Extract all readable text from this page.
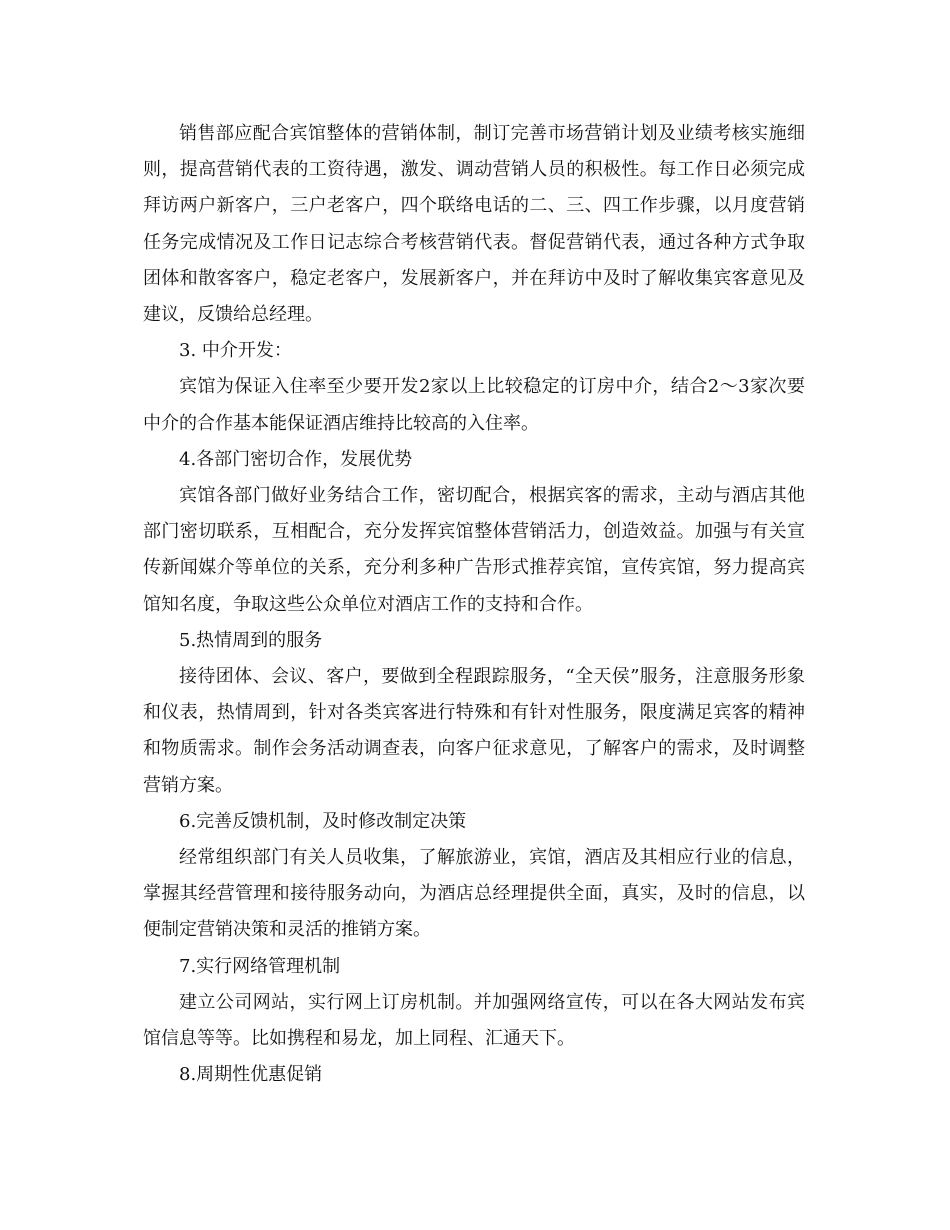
销售部应配合宾馆整体的营销体制，制订完善市场营销计划及业绩考核实施细则，提高营销代表的工资待遇，激发、调动营销人员的积极性。每工作日必须完成拜访两户新客户，三户老客户，四个联络电话的二、三、四工作步骤，以月度营销任务完成情况及工作日记志综合考核营销代表。督促营销代表，通过各种方式争取团体和散客客户，稳定老客户，发展新客户，并在拜访中及时了解收集宾客意见及建议，反馈给总经理。

3. 中介开发：

宾馆为保证入住率至少要开发2家以上比较稳定的订房中介，结合2～3家次要中介的合作基本能保证酒店维持比较高的入住率。

4.各部门密切合作，发展优势

宾馆各部门做好业务结合工作，密切配合，根据宾客的需求，主动与酒店其他部门密切联系，互相配合，充分发挥宾馆整体营销活力，创造效益。加强与有关宣传新闻媒介等单位的关系，充分利多种广告形式推荐宾馆，宣传宾馆，努力提高宾馆知名度，争取这些公众单位对酒店工作的支持和合作。

5.热情周到的服务

接待团体、会议、客户，要做到全程跟踪服务，“全天侯”服务，注意服务形象和仪表，热情周到，针对各类宾客进行特殊和有针对性服务，限度满足宾客的精神和物质需求。制作会务活动调查表，向客户征求意见，了解客户的需求，及时调整营销方案。

6.完善反馈机制，及时修改制定决策

经常组织部门有关人员收集，了解旅游业，宾馆，酒店及其相应行业的信息，掌握其经营管理和接待服务动向，为酒店总经理提供全面，真实，及时的信息，以便制定营销决策和灵活的推销方案。

7.实行网络管理机制

建立公司网站，实行网上订房机制。并加强网络宣传，可以在各大网站发布宾馆信息等等。比如携程和易龙，加上同程、汇通天下。

8.周期性优惠促销
